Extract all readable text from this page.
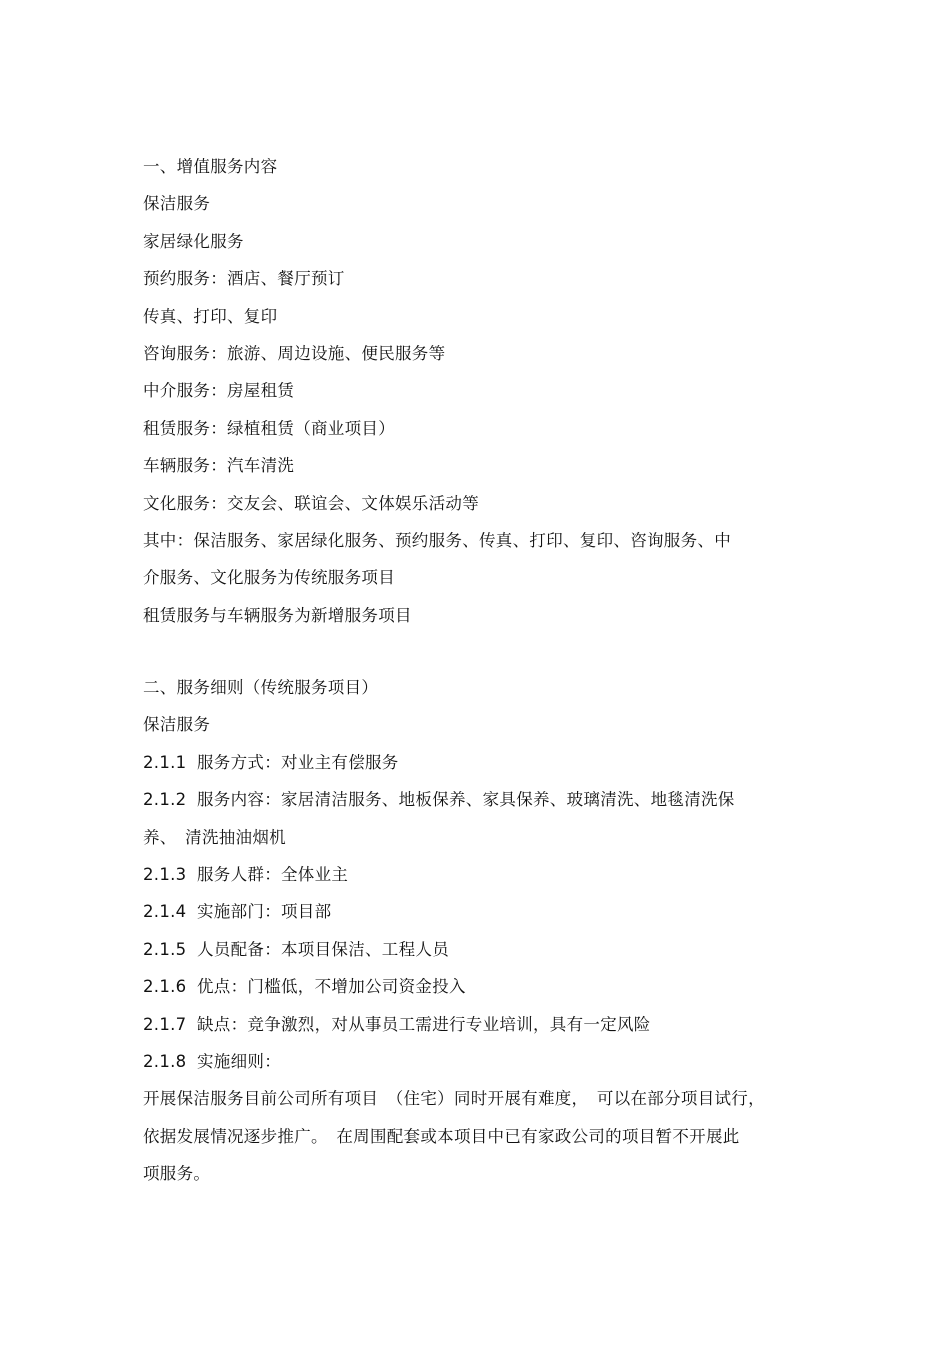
一、增值服务内容
保洁服务
家居绿化服务
预约服务：酒店、餐厅预订
传真、打印、复印
咨询服务：旅游、周边设施、便民服务等
中介服务：房屋租赁
租赁服务：绿植租赁（商业项目）
车辆服务：汽车清洗
文化服务：交友会、联谊会、文体娱乐活动等
其中：保洁服务、家居绿化服务、预约服务、传真、打印、复印、咨询服务、中
介服务、文化服务为传统服务项目
租赁服务与车辆服务为新增服务项目
二、服务细则（传统服务项目）
保洁服务
2.1.1 服务方式：对业主有偿服务
2.1.2 服务内容：家居清洁服务、地板保养、家具保养、玻璃清洗、地毯清洗保
养、　清洗抽油烟机
2.1.3 服务人群：全体业主
2.1.4 实施部门：项目部
2.1.5 人员配备：本项目保洁、工程人员
2.1.6 优点：门槛低，不增加公司资金投入
2.1.7 缺点：竞争激烈，对从事员工需进行专业培训，具有一定风险
2.1.8 实施细则：
开展保洁服务目前公司所有项目　（住宅）同时开展有难度，　可以在部分项目试行，
依据发展情况逐步推广。　在周围配套或本项目中已有家政公司的项目暂不开展此
项服务。
